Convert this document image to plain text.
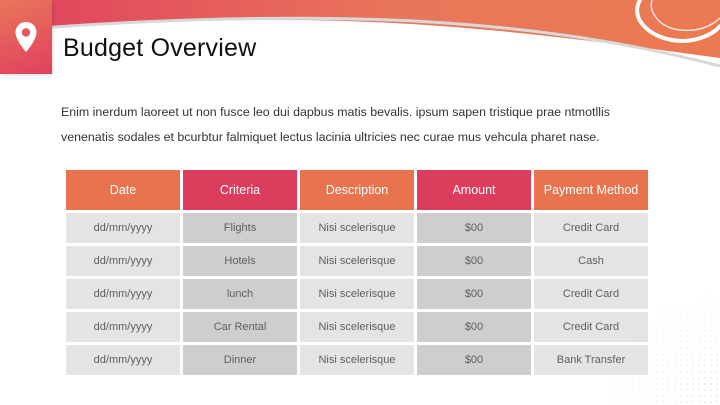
Budget Overview

Enim inerdum laoreet ut non fusce leo dui dapbus matis bevalis. ipsum sapen tristique prae ntmotllis
venenatis sodales et bcurbtur falmiquet lectus lacinia ultricies nec curae mus vehcula pharet nase.

Date	Criteria	Description	Amount	Payment Method
dd/mm/yyyy	Flights	Nisi scelerisque	$00	Credit Card
dd/mm/yyyy	Hotels	Nisi scelerisque	$00	Cash
dd/mm/yyyy	lunch	Nisi scelerisque	$00	Credit Card
dd/mm/yyyy	Car Rental	Nisi scelerisque	$00	Credit Card
dd/mm/yyyy	Dinner	Nisi scelerisque	$00	Bank Transfer
